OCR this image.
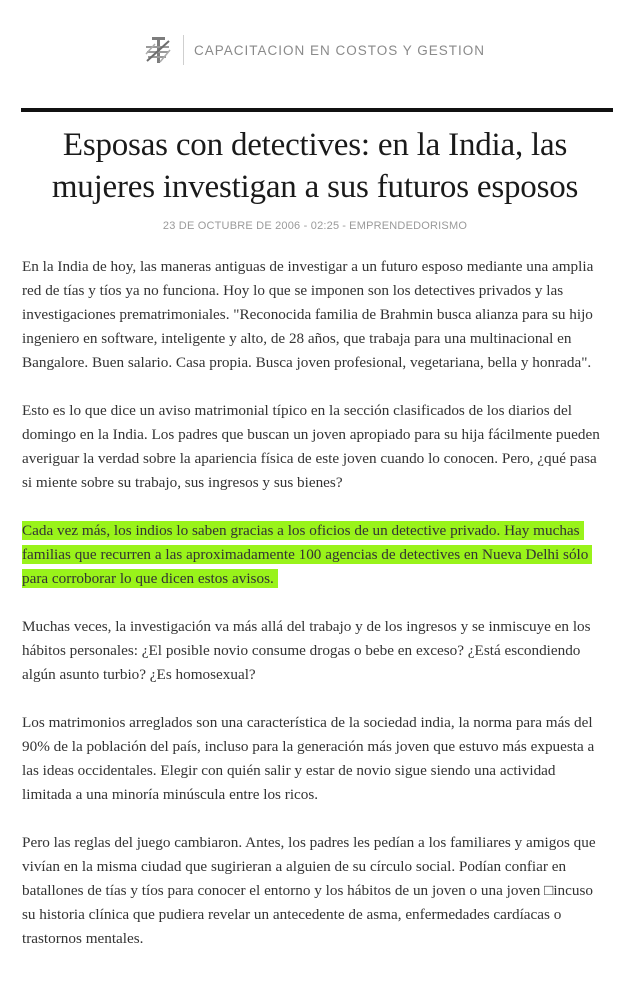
CAPACITACION EN COSTOS Y GESTION
Esposas con detectives: en la India, las mujeres investigan a sus futuros esposos
23 DE OCTUBRE DE 2006 - 02:25 - EMPRENDEDORISMO

En la India de hoy, las maneras antiguas de investigar a un futuro esposo mediante una amplia red de tías y tíos ya no funciona. Hoy lo que se imponen son los detectives privados y las investigaciones prematrimoniales. "Reconocida familia de Brahmin busca alianza para su hijo ingeniero en software, inteligente y alto, de 28 años, que trabaja para una multinacional en Bangalore. Buen salario. Casa propia. Busca joven profesional, vegetariana, bella y honrada".

Esto es lo que dice un aviso matrimonial típico en la sección clasificados de los diarios del domingo en la India. Los padres que buscan un joven apropiado para su hija fácilmente pueden averiguar la verdad sobre la apariencia física de este joven cuando lo conocen. Pero, ¿qué pasa si miente sobre su trabajo, sus ingresos y sus bienes?

Cada vez más, los indios lo saben gracias a los oficios de un detective privado. Hay muchas familias que recurren a las aproximadamente 100 agencias de detectives en Nueva Delhi sólo para corroborar lo que dicen estos avisos.

Muchas veces, la investigación va más allá del trabajo y de los ingresos y se inmiscuye en los hábitos personales: ¿El posible novio consume drogas o bebe en exceso? ¿Está escondiendo algún asunto turbio? ¿Es homosexual?

Los matrimonios arreglados son una característica de la sociedad india, la norma para más del 90% de la población del país, incluso para la generación más joven que estuvo más expuesta a las ideas occidentales. Elegir con quién salir y estar de novio sigue siendo una actividad limitada a una minoría minúscula entre los ricos.

Pero las reglas del juego cambiaron. Antes, los padres les pedían a los familiares y amigos que vivían en la misma ciudad que sugirieran a alguien de su círculo social. Podían confiar en batallones de tías y tíos para conocer el entorno y los hábitos de un joven o una joven □incuso su historia clínica que pudiera revelar un antecedente de asma, enfermedades cardíacas o trastornos mentales.
